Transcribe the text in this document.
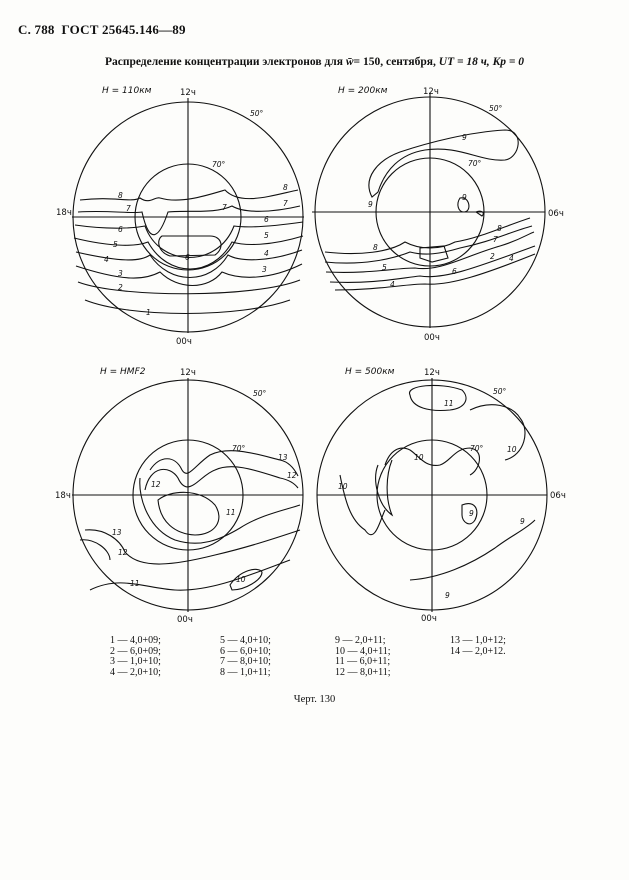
С. 788 ГОСТ 25645.146—89
Распределение концентрации электронов для w̄= 150, сентября, UT = 18 ч, Kp = 0
H = 110км	12ч
00ч
18ч
50°
70°
H = 200км	12ч
00ч
06ч
50°
70°
H = HMF2	12ч
00ч
18ч
50°
70°
H = 500км	12ч
00ч
06ч
50°
70°
1
2
3	3
4
4
5
5
6
6
6
7	7	7
8
8
9
9
9
8
8
7
5
4
4
2
6
13
12
12
13
12
11
11	10
11
10
10
10
9
9
9
1 — 4,0+09;
2 — 6,0+09;
3 — 1,0+10;
4 — 2,0+10;
5 — 4,0+10;
6 — 6,0+10;
7 — 8,0+10;
8 — 1,0+11;
9 — 2,0+11;
10 — 4,0+11;
11 — 6,0+11;
12 — 8,0+11;
13 — 1,0+12;
14 — 2,0+12.
Черт. 130
